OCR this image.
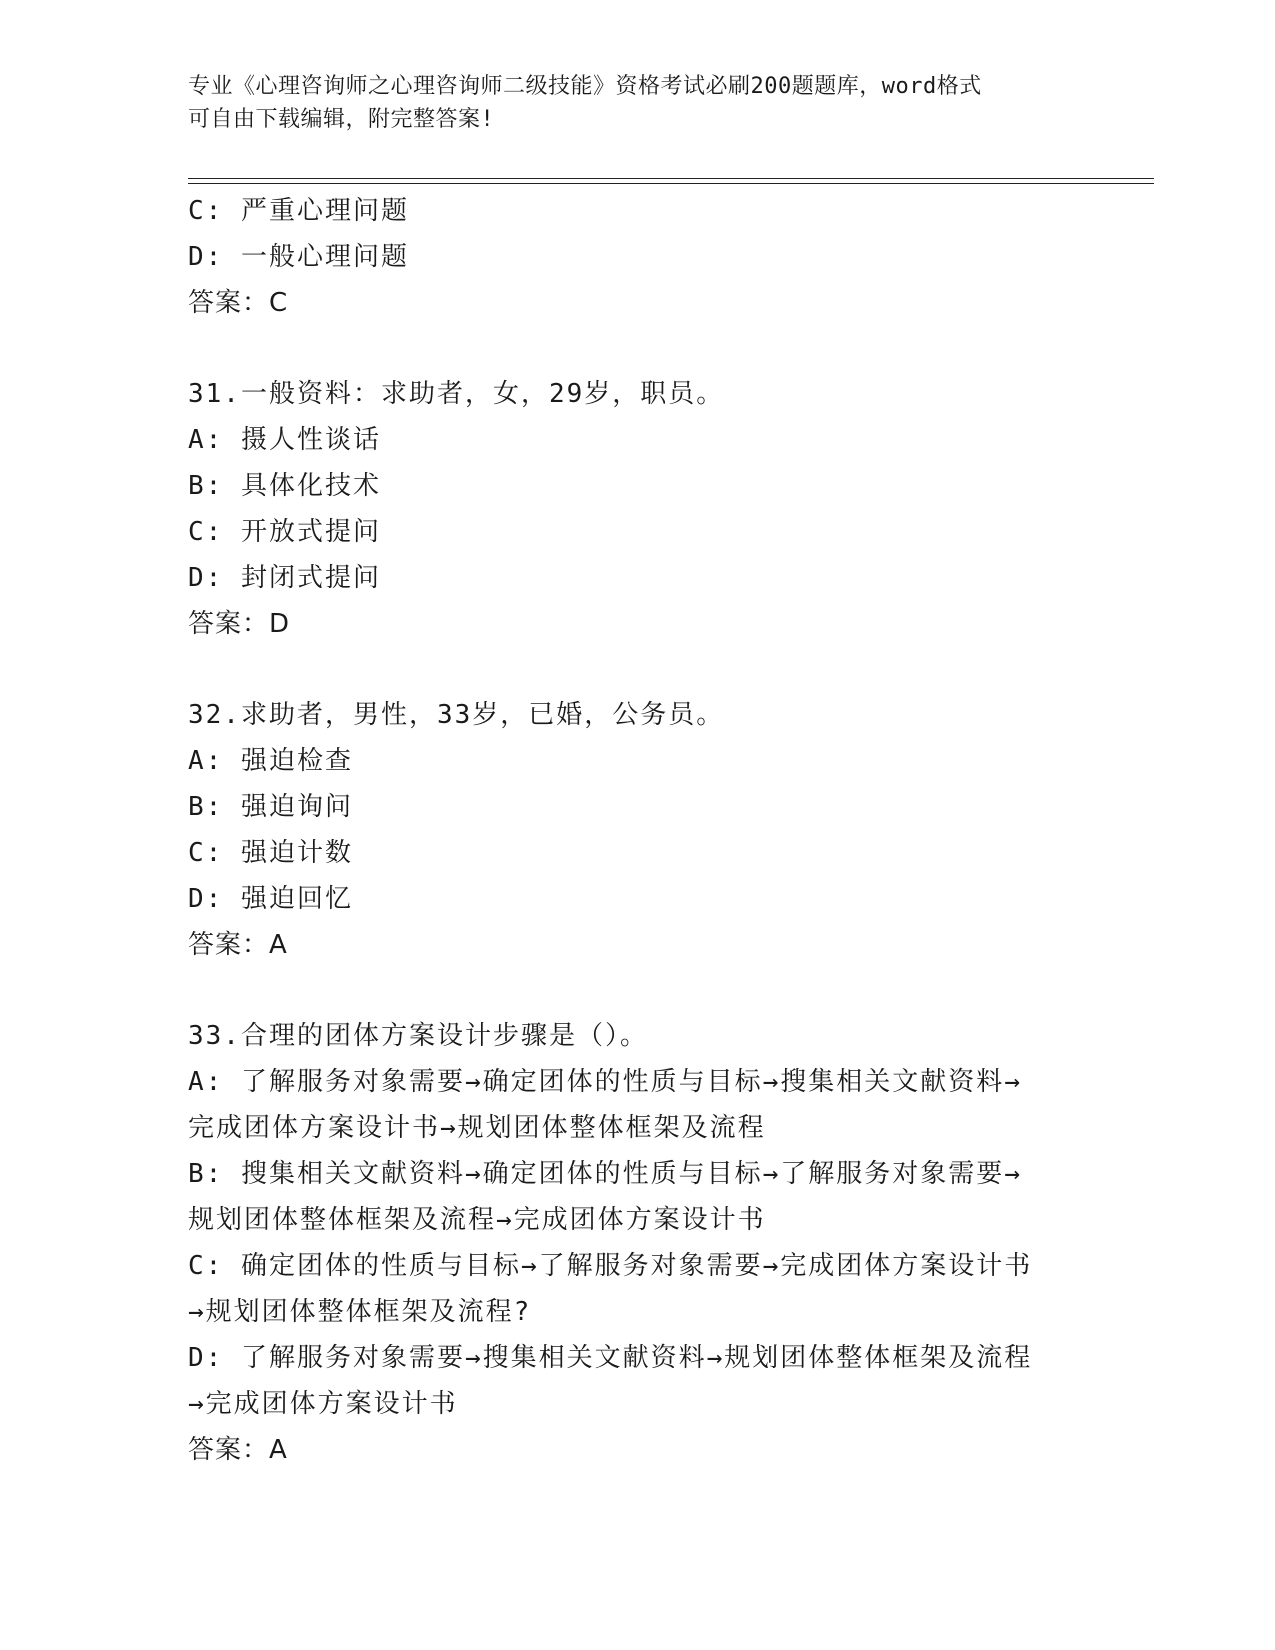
专业《心理咨询师之心理咨询师二级技能》资格考试必刷200题题库，word格式
可自由下载编辑，附完整答案!
C: 严重心理问题
D: 一般心理问题
答案：C
31.一般资料：求助者，女，29岁，职员。
A: 摄人性谈话
B: 具体化技术
C: 开放式提问
D: 封闭式提问
答案：D
32.求助者，男性，33岁，已婚，公务员。
A: 强迫检查
B: 强迫询问
C: 强迫计数
D: 强迫回忆
答案：A
33.合理的团体方案设计步骤是（）。
A: 了解服务对象需要→确定团体的性质与目标→搜集相关文献资料→
完成团体方案设计书→规划团体整体框架及流程
B: 搜集相关文献资料→确定团体的性质与目标→了解服务对象需要→
规划团体整体框架及流程→完成团体方案设计书
C: 确定团体的性质与目标→了解服务对象需要→完成团体方案设计书
→规划团体整体框架及流程?
D: 了解服务对象需要→搜集相关文献资料→规划团体整体框架及流程
→完成团体方案设计书
答案：A
